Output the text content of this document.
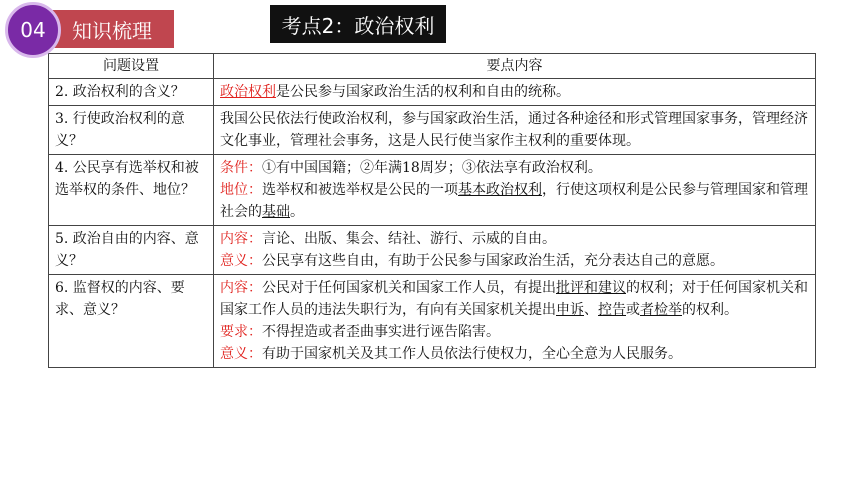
04	知识梳理	考点2：政治权利
问题设置	要点内容
2. 政治权利的含义？	政治权利是公民参与国家政治生活的权利和自由的统称。
3. 行使政治权利的意义？	我国公民依法行使政治权利，参与国家政治生活，通过各种途径和形式管理国家事务，管理经济文化事业，管理社会事务，这是人民行使当家作主权利的重要体现。
4. 公民享有选举权和被选举权的条件、地位？	条件：①有中国国籍；②年满18周岁；③依法享有政治权利。
地位：选举权和被选举权是公民的一项基本政治权利，行使这项权利是公民参与管理国家和管理社会的基础。

5. 政治自由的内容、意义？	内容：言论、出版、集会、结社、游行、示威的自由。
意义：公民享有这些自由，有助于公民参与国家政治生活，充分表达自己的意愿。

6. 监督权的内容、要求、意义？	内容：公民对于任何国家机关和国家工作人员，有提出批评和建议的权利；对于任何国家机关和国家工作人员的违法失职行为，有向有关国家机关提出申诉、控告或者检举的权利。
要求：不得捏造或者歪曲事实进行诬告陷害。
意义：有助于国家机关及其工作人员依法行使权力，全心全意为人民服务。
